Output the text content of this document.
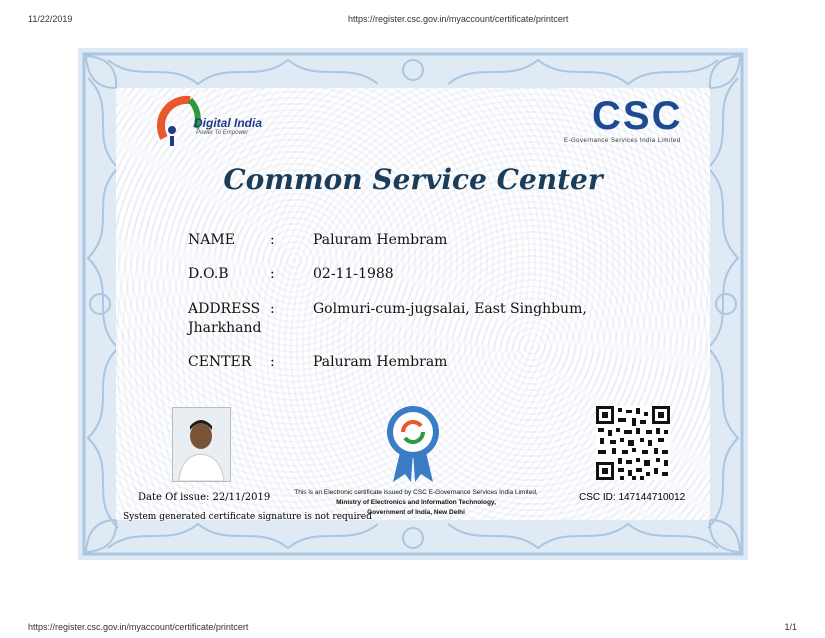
11/22/2019	https://register.csc.gov.in/myaccount/certificate/printcert
Digital India
Power To Empower	CSC
E-Governance Services India Limited
Common Service Center
NAME	:	Paluram Hembram
D.O.B	:	02-11-1988
ADDRESS :	Golmuri-cum-jugsalai, East Singhbum,
Jharkhand
CENTER :	Paluram Hembram
Date Of issue: 22/11/2019
System generated certificate signature is not required
This is an Electronic certificate issued by CSC E-Governance Services India Limited,
Ministry of Electronics and Information Technology,
Government of India, New Delhi
CSC ID: 147144710012
https://register.csc.gov.in/myaccount/certificate/printcert	1/1
